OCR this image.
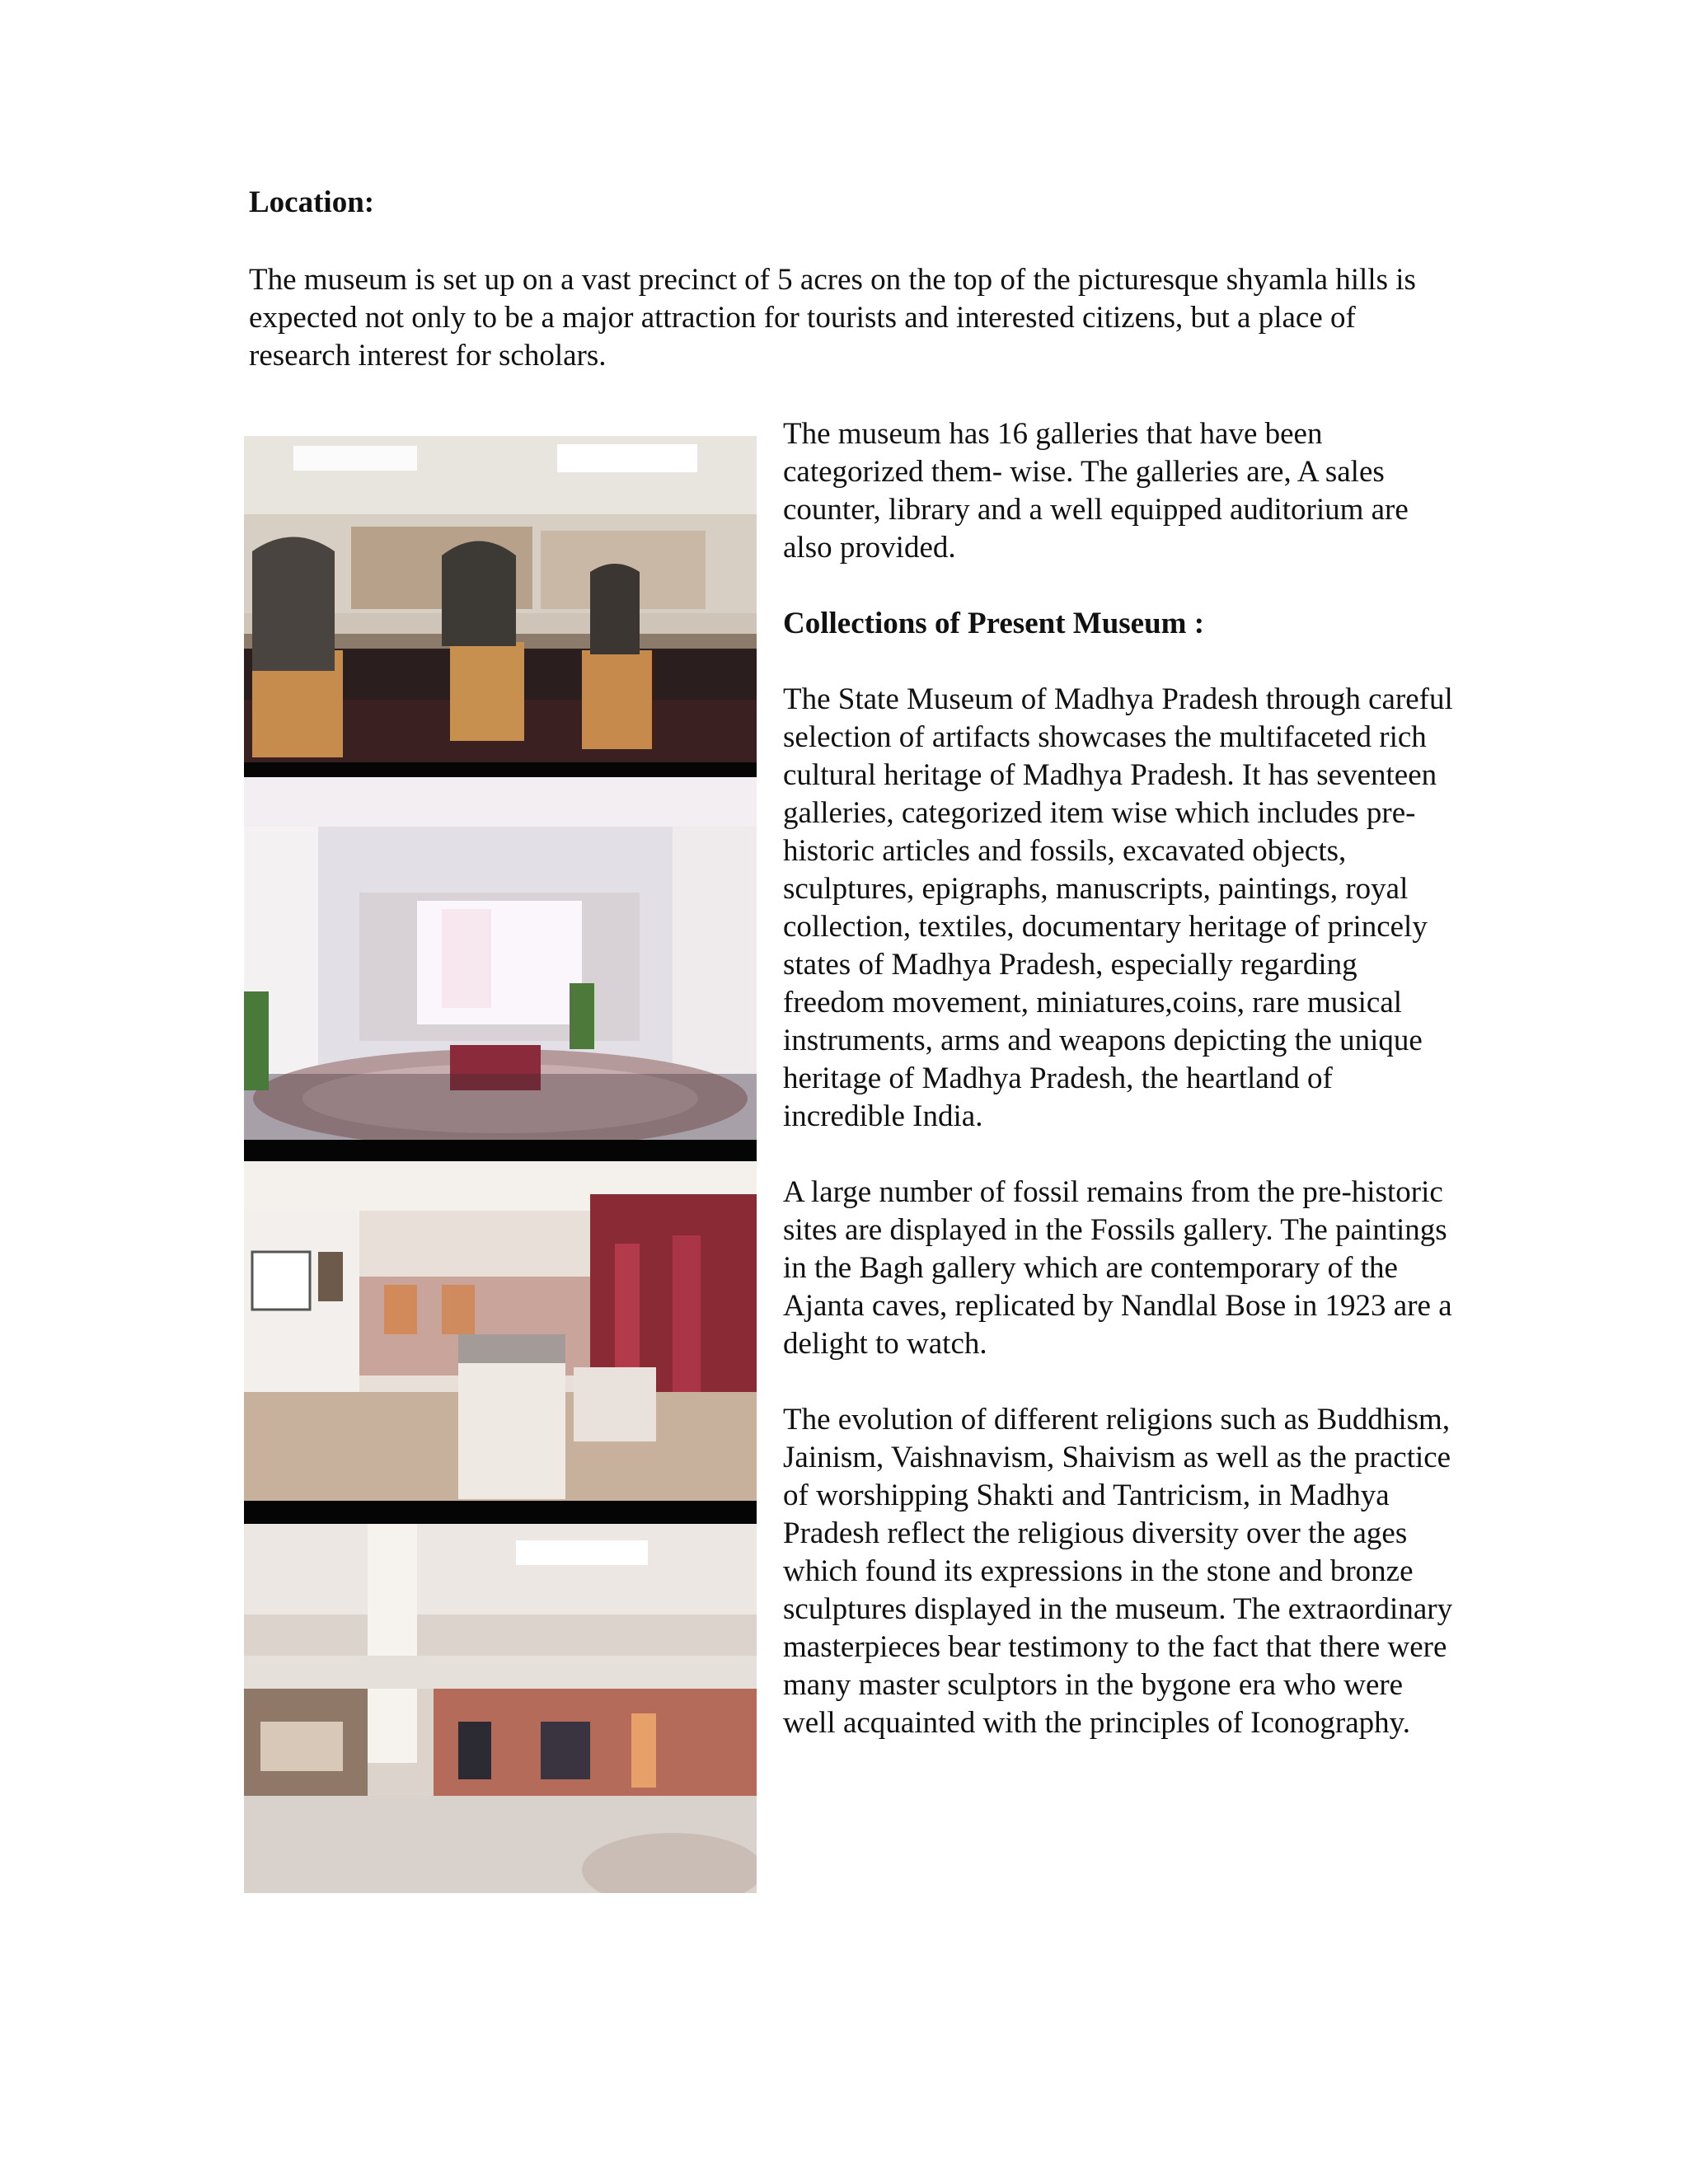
Location:
The museum is set up on a vast precinct of 5 acres on the top of the picturesque shyamla hills is expected not only to be a major attraction for tourists and interested citizens, but a place of research interest for scholars.

The museum has 16 galleries that have been categorized them- wise. The galleries are, A sales counter, library and a well equipped auditorium are also provided.

Collections of Present Museum :

The State Museum of Madhya Pradesh through careful selection of artifacts showcases the multifaceted rich cultural heritage of Madhya Pradesh. It has seventeen galleries, categorized item wise which includes pre-historic articles and fossils, excavated objects, sculptures, epigraphs, manuscripts, paintings, royal collection, textiles, documentary heritage of princely states of Madhya Pradesh, especially regarding freedom movement, miniatures,coins, rare musical instruments, arms and weapons depicting the unique heritage of Madhya Pradesh, the heartland of incredible India.

A large number of fossil remains from the pre-historic sites are displayed in the Fossils gallery. The paintings in the Bagh gallery which are contemporary of the Ajanta caves, replicated by Nandlal Bose in 1923 are a delight to watch.

The evolution of different religions such as Buddhism, Jainism, Vaishnavism, Shaivism as well as the practice of worshipping Shakti and Tantricism, in Madhya Pradesh reflect the religious diversity over the ages which found its expressions in the stone and bronze sculptures displayed in the museum. The extraordinary masterpieces bear testimony to the fact that there were many master sculptors in the bygone era who were well acquainted with the principles of Iconography.
